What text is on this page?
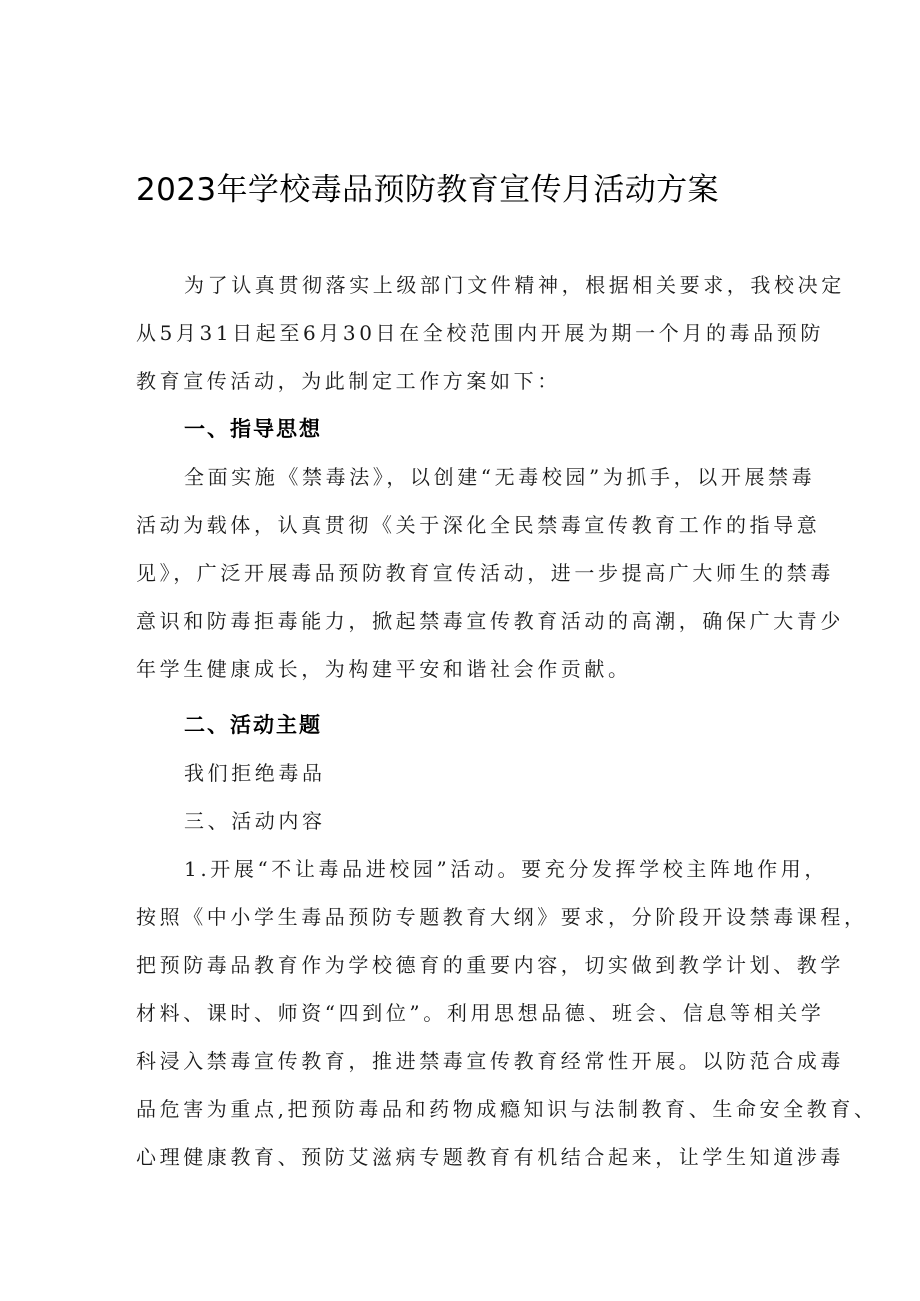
2023年学校毒品预防教育宣传月活动方案
为了认真贯彻落实上级部门文件精神，根据相关要求，我校决定
从5月31日起至6月30日在全校范围内开展为期一个月的毒品预防
教育宣传活动，为此制定工作方案如下：
一、指导思想
全面实施《禁毒法》，以创建“无毒校园”为抓手，以开展禁毒
活动为载体，认真贯彻《关于深化全民禁毒宣传教育工作的指导意
见》，广泛开展毒品预防教育宣传活动，进一步提高广大师生的禁毒
意识和防毒拒毒能力，掀起禁毒宣传教育活动的高潮，确保广大青少
年学生健康成长，为构建平安和谐社会作贡献。
二、活动主题
我们拒绝毒品
三、活动内容
1.开展“不让毒品进校园”活动。要充分发挥学校主阵地作用，
按照《中小学生毒品预防专题教育大纲》要求，分阶段开设禁毒课程，
把预防毒品教育作为学校德育的重要内容，切实做到教学计划、教学
材料、课时、师资“四到位”。利用思想品德、班会、信息等相关学
科浸入禁毒宣传教育，推进禁毒宣传教育经常性开展。以防范合成毒
品危害为重点,把预防毒品和药物成瘾知识与法制教育、生命安全教育、
心理健康教育、预防艾滋病专题教育有机结合起来，让学生知道涉毒
